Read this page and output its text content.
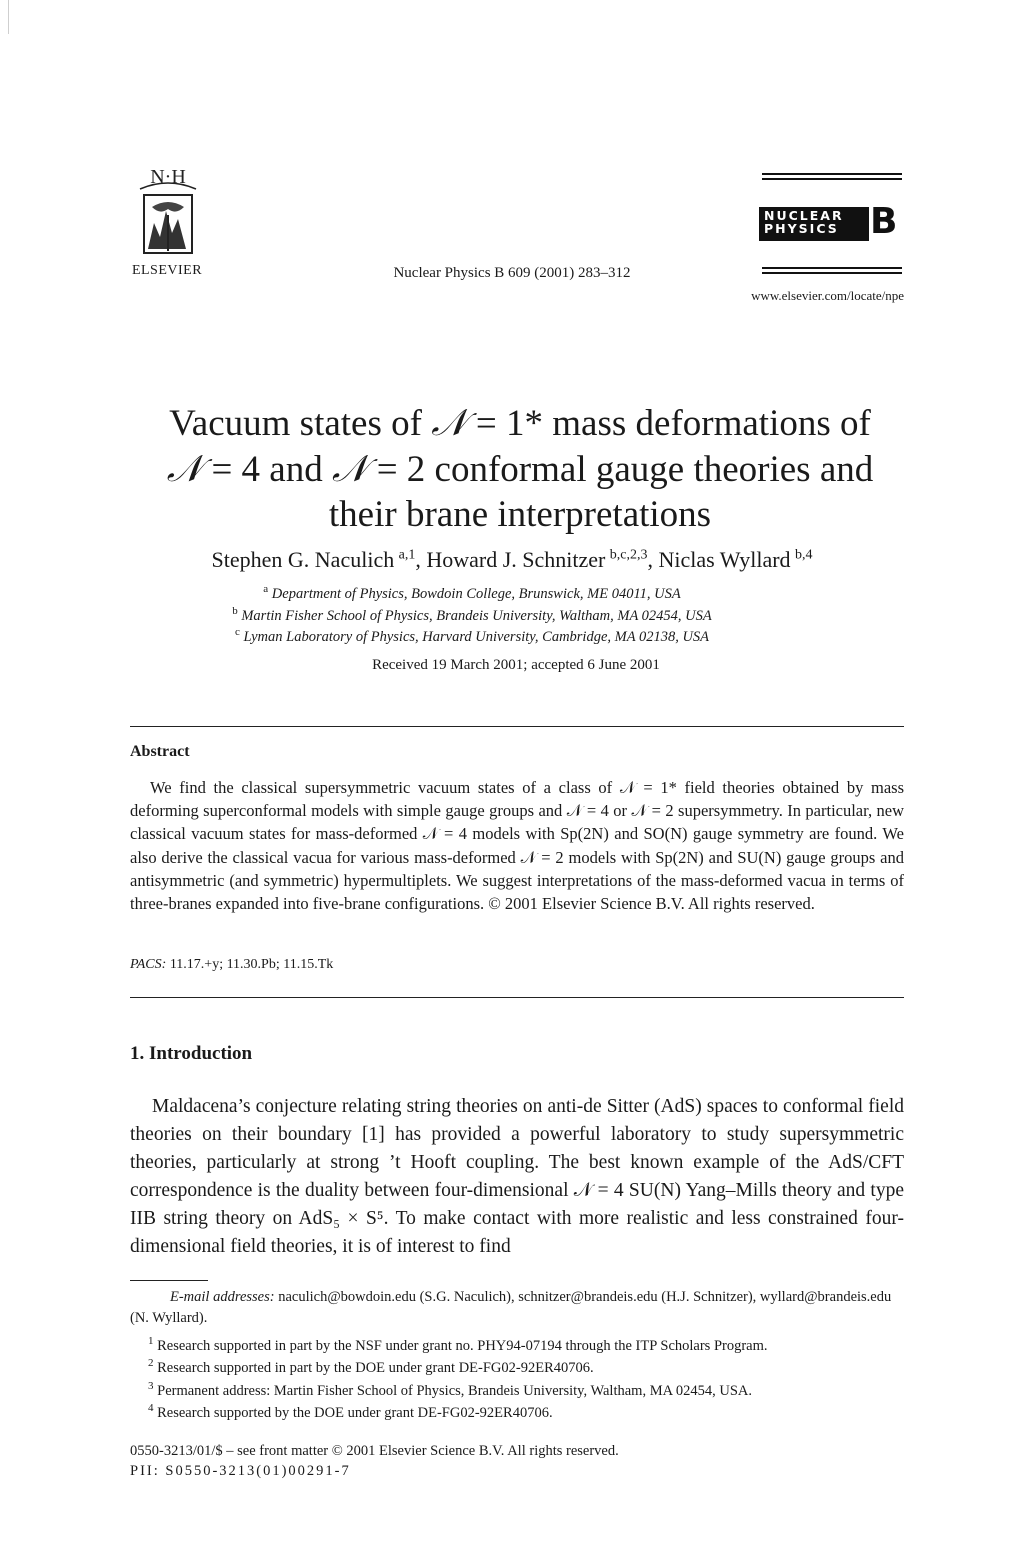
N·H
ELSEVIER	Nuclear Physics B 609 (2001) 283–312
NUCLEAR
PHYSICS B
www.elsevier.com/locate/npe
Vacuum states of 𝒩 = 1* mass deformations of
𝒩 = 4 and 𝒩 = 2 conformal gauge theories and
their brane interpretations
Stephen G. Naculich  $^{a,1}$, Howard J. Schnitzer  $^{b,c,2,3}$, Niclas Wyllard  $^{b,4}$
$^a$ Department of Physics, Bowdoin College, Brunswick, ME 04011, USA
$^b$ Martin Fisher School of Physics, Brandeis University, Waltham, MA 02454, USA
$^c$ Lyman Laboratory of Physics, Harvard University, Cambridge, MA 02138, USA
Received 19 March 2001; accepted 6 June 2001
Abstract

We find the classical supersymmetric vacuum states of a class of 𝒩 = 1* field theories obtained by mass deforming superconformal models with simple gauge groups and 𝒩 = 4 or 𝒩 = 2 supersymmetry. In particular, new classical vacuum states for mass-deformed 𝒩 = 4 models with Sp(2N) and SO(N) gauge symmetry are found. We also derive the classical vacua for various mass-deformed 𝒩 = 2 models with Sp(2N) and SU(N) gauge groups and antisymmetric (and symmetric) hypermultiplets. We suggest interpretations of the mass-deformed vacua in terms of three-branes expanded into five-brane configurations. © 2001 Elsevier Science B.V. All rights reserved.

PACS: 11.17.+y; 11.30.Pb; 11.15.Tk
1. Introduction

Maldacena’s conjecture relating string theories on anti-de Sitter (AdS) spaces to conformal field theories on their boundary [1] has provided a powerful laboratory to study supersymmetric theories, particularly at strong ’t Hooft coupling. The best known example of the AdS/CFT correspondence is the duality between four-dimensional 𝒩 = 4 SU(N) Yang–Mills theory and type IIB string theory on AdS₅ × S⁵. To make contact with more realistic and less constrained four-dimensional field theories, it is of interest to find

E-mail addresses: naculich@bowdoin.edu (S.G. Naculich), schnitzer@brandeis.edu (H.J. Schnitzer), wyllard@brandeis.edu (N. Wyllard).
$^1$ Research supported in part by the NSF under grant no. PHY94-07194 through the ITP Scholars Program.
$^2$ Research supported in part by the DOE under grant DE-FG02-92ER40706.
$^3$ Permanent address: Martin Fisher School of Physics, Brandeis University, Waltham, MA 02454, USA.
$^4$ Research supported by the DOE under grant DE-FG02-92ER40706.
0550-3213/01/$ – see front matter © 2001 Elsevier Science B.V. All rights reserved.
PII: S0550-3213(01)00291-7
